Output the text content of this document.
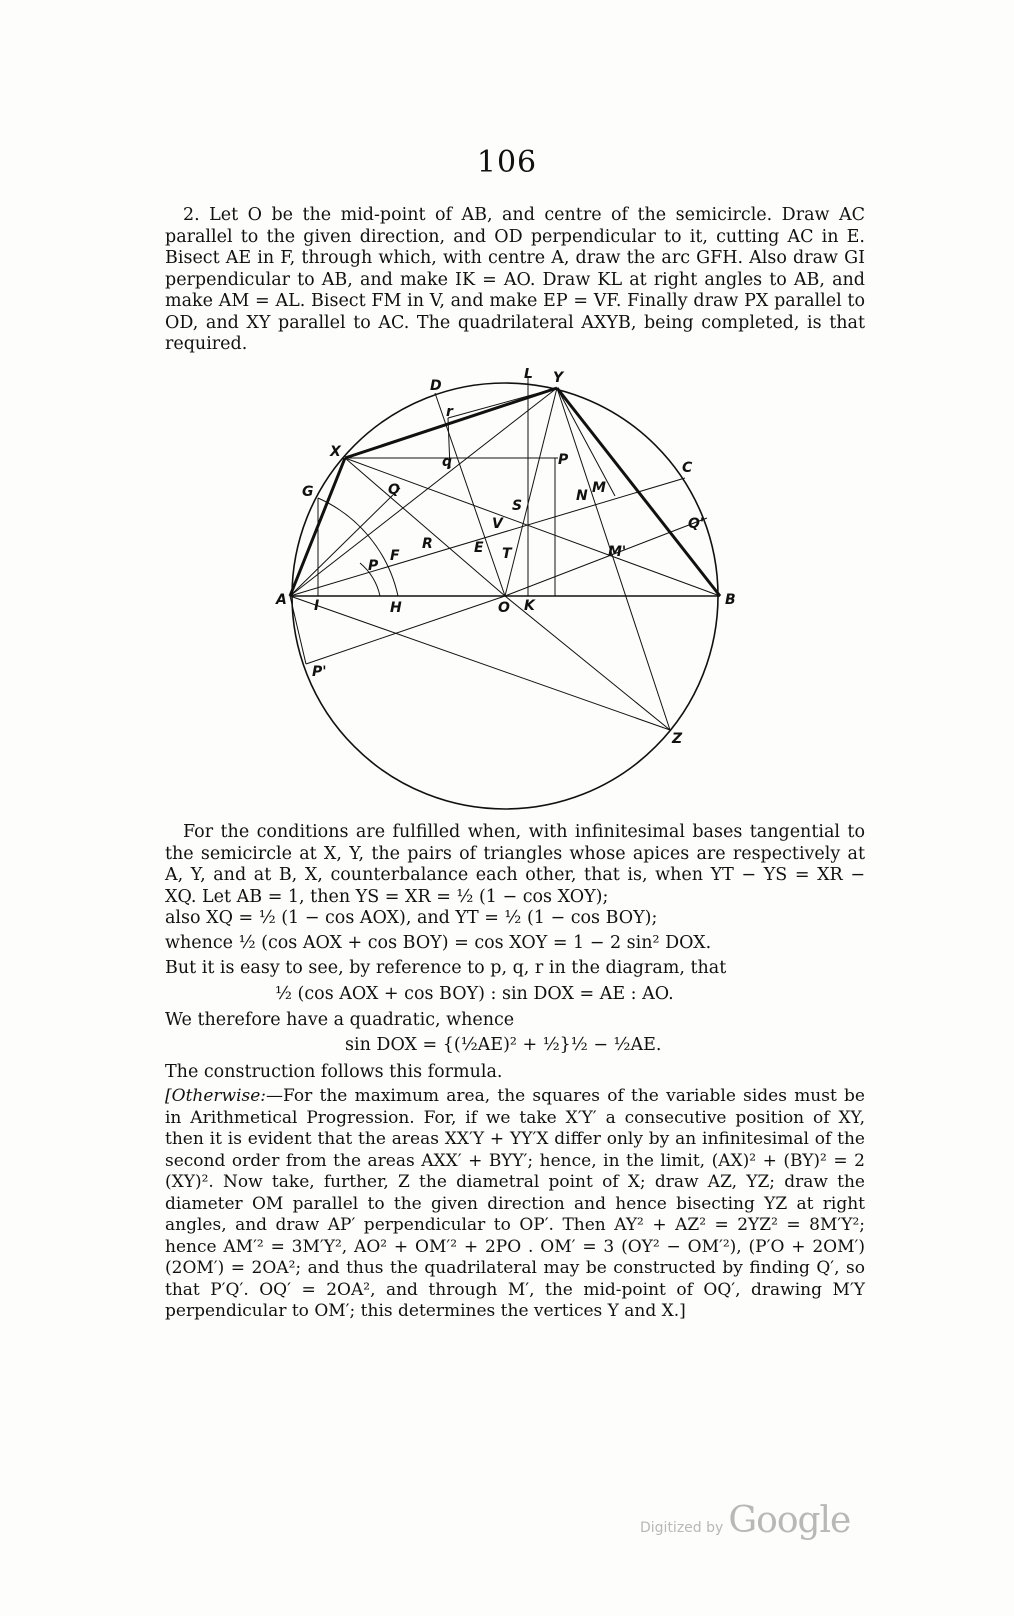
106
2. Let O be the mid-point of AB, and centre of the semicircle. Draw AC parallel to the given direction, and OD perpendicular to it, cutting AC in E. Bisect AE in F, through which, with centre A, draw the arc GFH. Also draw GI perpendicular to AB, and make IK = AO. Draw KL at right angles to AB, and make AM = AL. Bisect FM in V, and make EP = VF. Finally draw PX parallel to OD, and XY parallel to AC. The quadrilateral AXYB, being completed, is that required.
D
L Y
r
X
q	P	C
G	Q	N M
S
Q'
V
R	E T	M'
F
P
A I	H	O K	B
P'
Z
For the conditions are fulfilled when, with infinitesimal bases tangential to the semicircle at X, Y, the pairs of triangles whose apices are respectively at A, Y, and at B, X, counterbalance each other, that is, when YT − YS = XR − XQ. Let AB = 1, then YS = XR = ½ (1 − cos XOY);
also XQ = ½ (1 − cos AOX), and YT = ½ (1 − cos BOY);
whence ½ (cos AOX + cos BOY) = cos XOY = 1 − 2 sin² DOX.
But it is easy to see, by reference to p, q, r in the diagram, that
½ (cos AOX + cos BOY) : sin DOX = AE : AO.
We therefore have a quadratic, whence
sin DOX = {(½AE)² + ½}½ − ½AE.
The construction follows this formula.
[Otherwise:—For the maximum area, the squares of the variable sides must be in Arithmetical Progression. For, if we take X′Y′ a consecutive position of XY, then it is evident that the areas XX′Y + YY′X differ only by an infinitesimal of the second order from the areas AXX′ + BYY′; hence, in the limit, (AX)² + (BY)² = 2 (XY)². Now take, further, Z the diametral point of X; draw AZ, YZ; draw the diameter OM parallel to the given direction and hence bisecting YZ at right angles, and draw AP′ perpendicular to OP′. Then AY² + AZ² = 2YZ² = 8M′Y²; hence AM′² = 3M′Y², AO² + OM′² + 2PO . OM′ = 3 (OY² − OM′²), (P′O + 2OM′)(2OM′) = 2OA²; and thus the quadrilateral may be constructed by finding Q′, so that P′Q′. OQ′ = 2OA², and through M′, the mid-point of OQ′, drawing M′Y perpendicular to OM′; this determines the vertices Y and X.]
Digitized by Google
